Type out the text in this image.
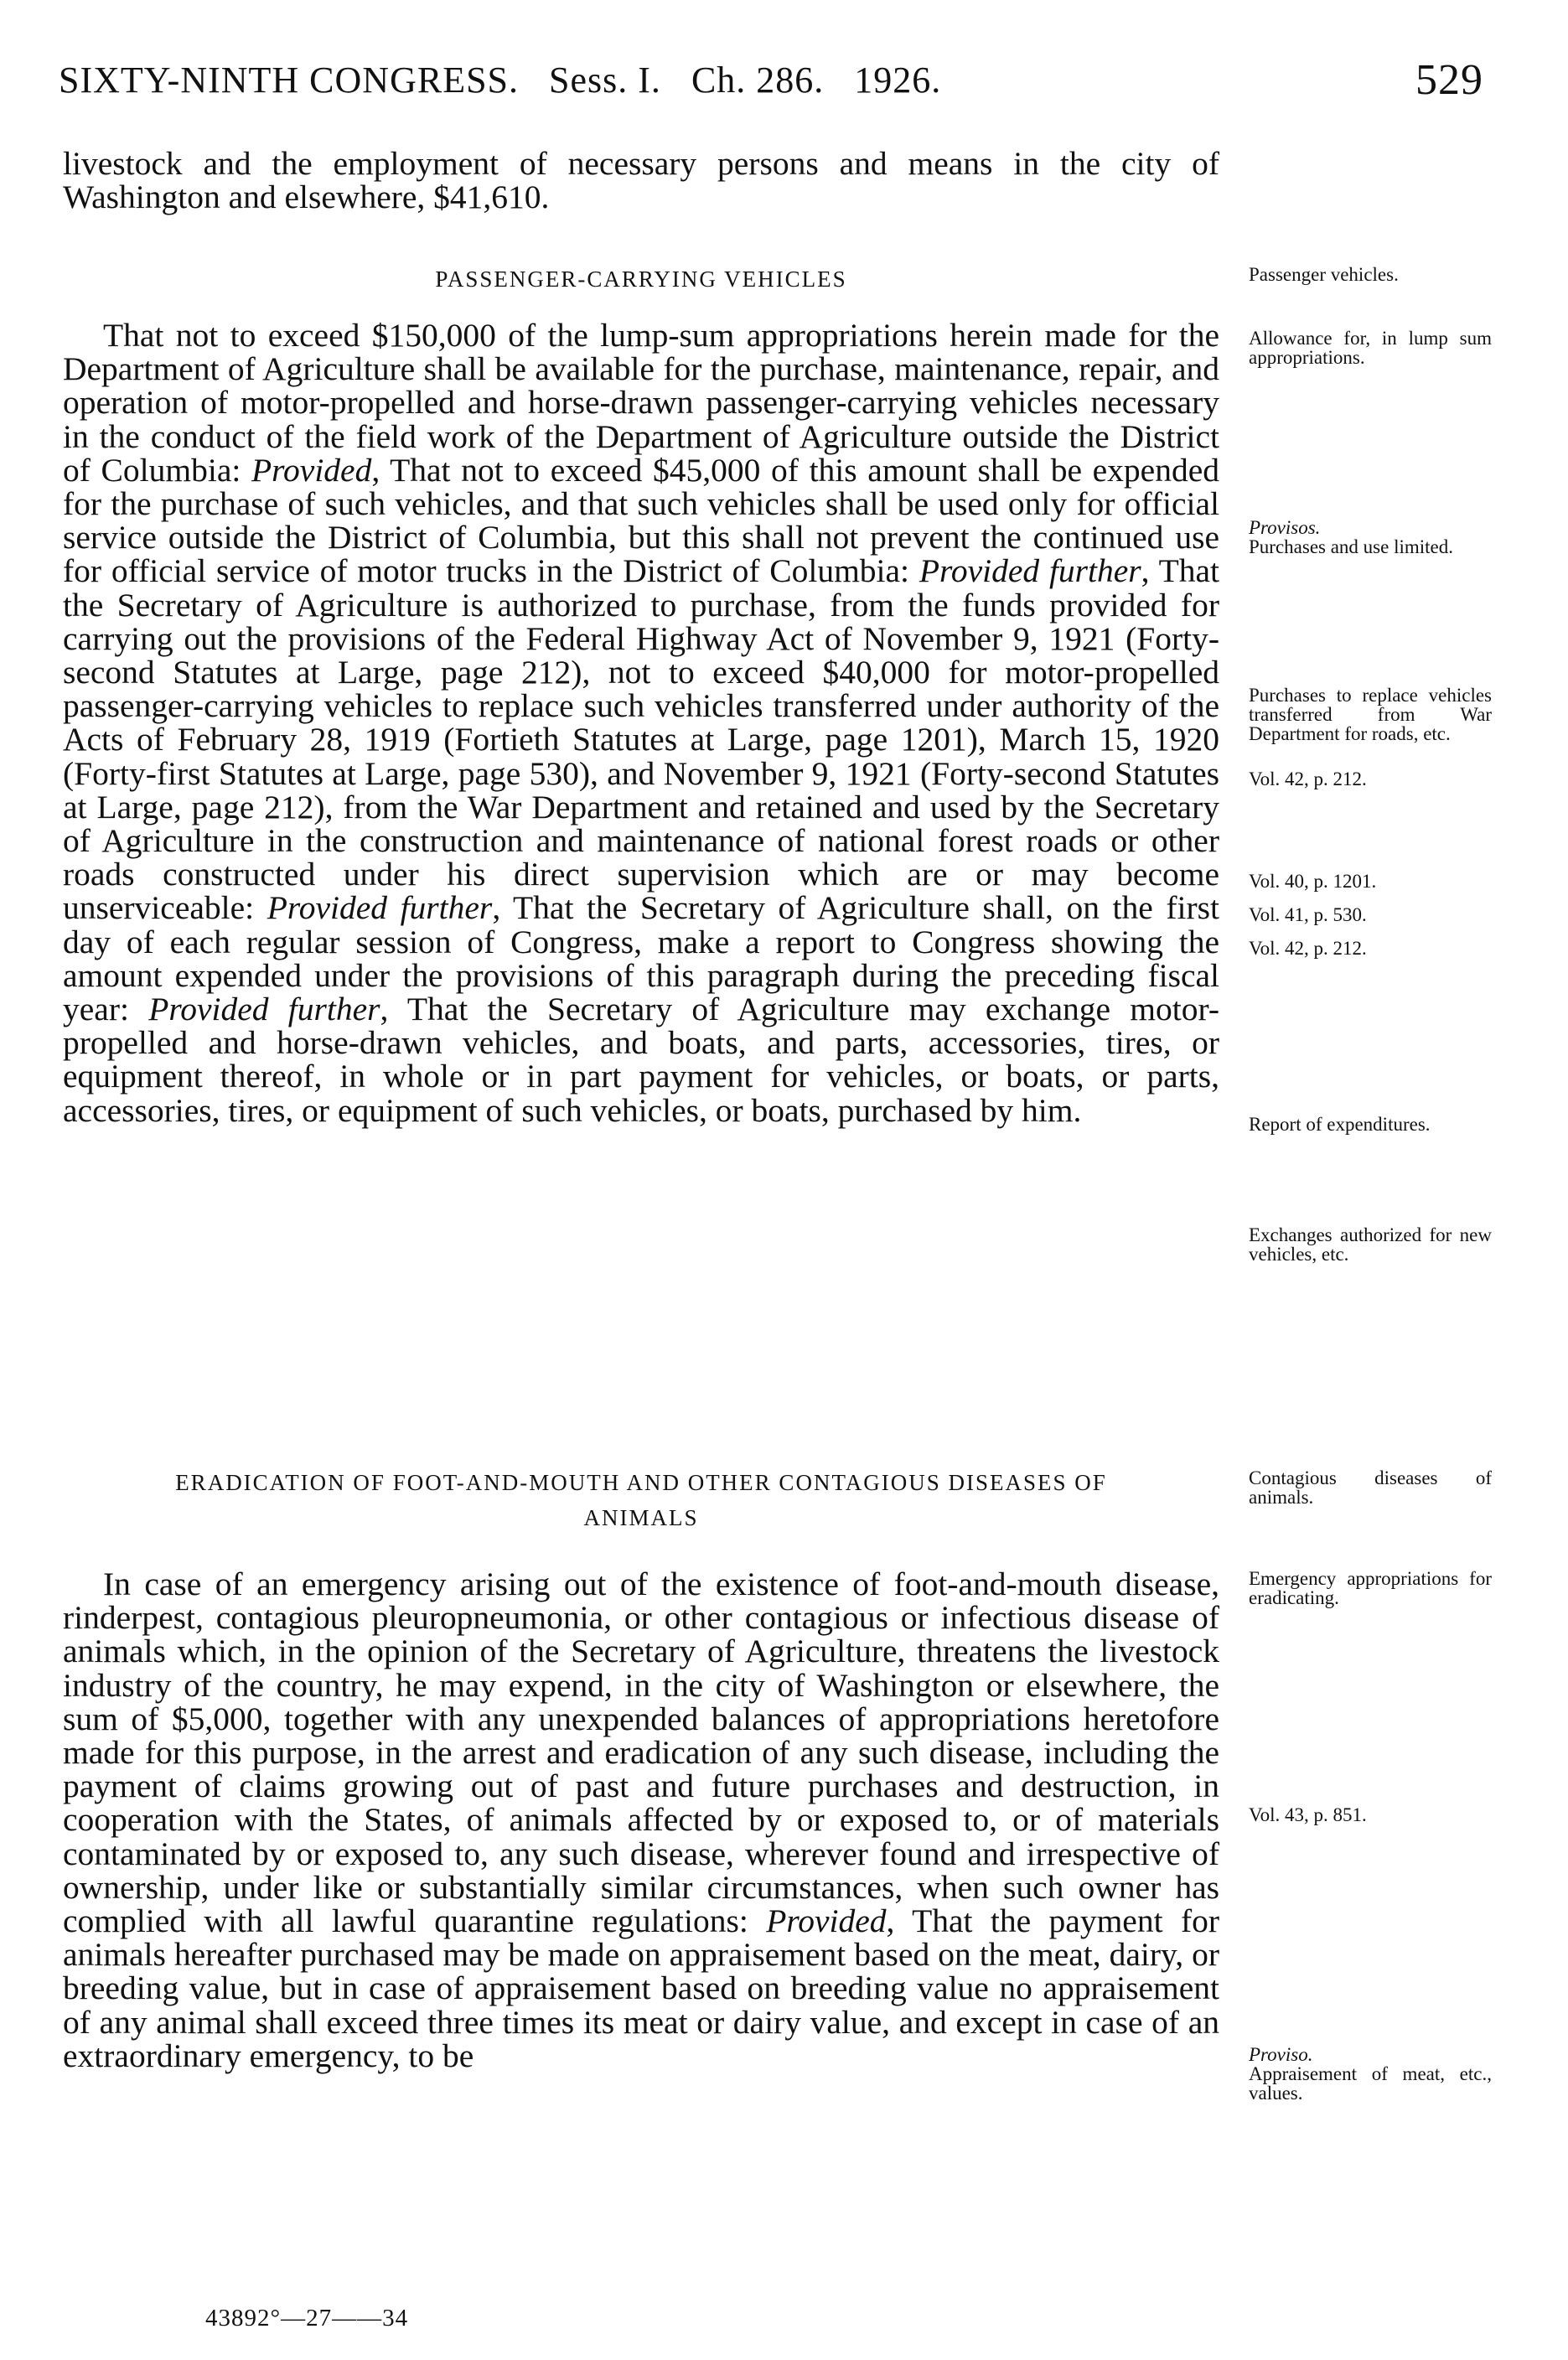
SIXTY-NINTH CONGRESS. Sess. I. Ch. 286. 1926.	529

livestock and the employment of necessary persons and means in the city of Washington and elsewhere, $41,610.

PASSENGER-CARRYING VEHICLES

That not to exceed $150,000 of the lump-sum appropriations herein made for the Department of Agriculture shall be available for the purchase, maintenance, repair, and operation of motor-propelled and horse-drawn passenger-carrying vehicles necessary in the conduct of the field work of the Department of Agriculture outside the District of Columbia: Provided, That not to exceed $45,000 of this amount shall be expended for the purchase of such vehicles, and that such vehicles shall be used only for official service outside the District of Columbia, but this shall not prevent the continued use for official service of motor trucks in the District of Columbia: Provided further, That the Secretary of Agriculture is authorized to purchase, from the funds provided for carrying out the provisions of the Federal Highway Act of November 9, 1921 (Forty-second Statutes at Large, page 212), not to exceed $40,000 for motor-propelled passenger-carrying vehicles to replace such vehicles transferred under authority of the Acts of February 28, 1919 (Fortieth Statutes at Large, page 1201), March 15, 1920 (Forty-first Statutes at Large, page 530), and November 9, 1921 (Forty-second Statutes at Large, page 212), from the War Department and retained and used by the Secretary of Agriculture in the construction and maintenance of national forest roads or other roads constructed under his direct supervision which are or may become unserviceable: Provided further, That the Secretary of Agriculture shall, on the first day of each regular session of Congress, make a report to Congress showing the amount expended under the provisions of this paragraph during the preceding fiscal year: Provided further, That the Secretary of Agriculture may exchange motor-propelled and horse-drawn vehicles, and boats, and parts, accessories, tires, or equipment thereof, in whole or in part payment for vehicles, or boats, or parts, accessories, tires, or equipment of such vehicles, or boats, purchased by him.

ERADICATION OF FOOT-AND-MOUTH AND OTHER CONTAGIOUS DISEASES OF
ANIMALS

In case of an emergency arising out of the existence of foot-and-mouth disease, rinderpest, contagious pleuropneumonia, or other contagious or infectious disease of animals which, in the opinion of the Secretary of Agriculture, threatens the livestock industry of the country, he may expend, in the city of Washington or elsewhere, the sum of $5,000, together with any unexpended balances of appropriations heretofore made for this purpose, in the arrest and eradication of any such disease, including the payment of claims growing out of past and future purchases and destruction, in cooperation with the States, of animals affected by or exposed to, or of materials contaminated by or exposed to, any such disease, wherever found and irrespective of ownership, under like or substantially similar circumstances, when such owner has complied with all lawful quarantine regulations: Provided, That the payment for animals hereafter purchased may be made on appraisement based on the meat, dairy, or breeding value, but in case of appraisement based on breeding value no appraisement of any animal shall exceed three times its meat or dairy value, and except in case of an extraordinary emergency, to be

Passenger vehicles.
Allowance for, in lump sum appropriations.
Provisos.
Purchases and use limited.
Purchases to replace vehicles transferred from War Department for roads, etc.
Vol. 42, p. 212.
Vol. 40, p. 1201.
Vol. 41, p. 530.
Vol. 42, p. 212.
Report of expenditures.
Exchanges authorized for new vehicles, etc.
Contagious diseases of animals.
Emergency appropriations for eradicating.
Vol. 43, p. 851.
Proviso.
Appraisement of meat, etc., values.
43892°—27——34
